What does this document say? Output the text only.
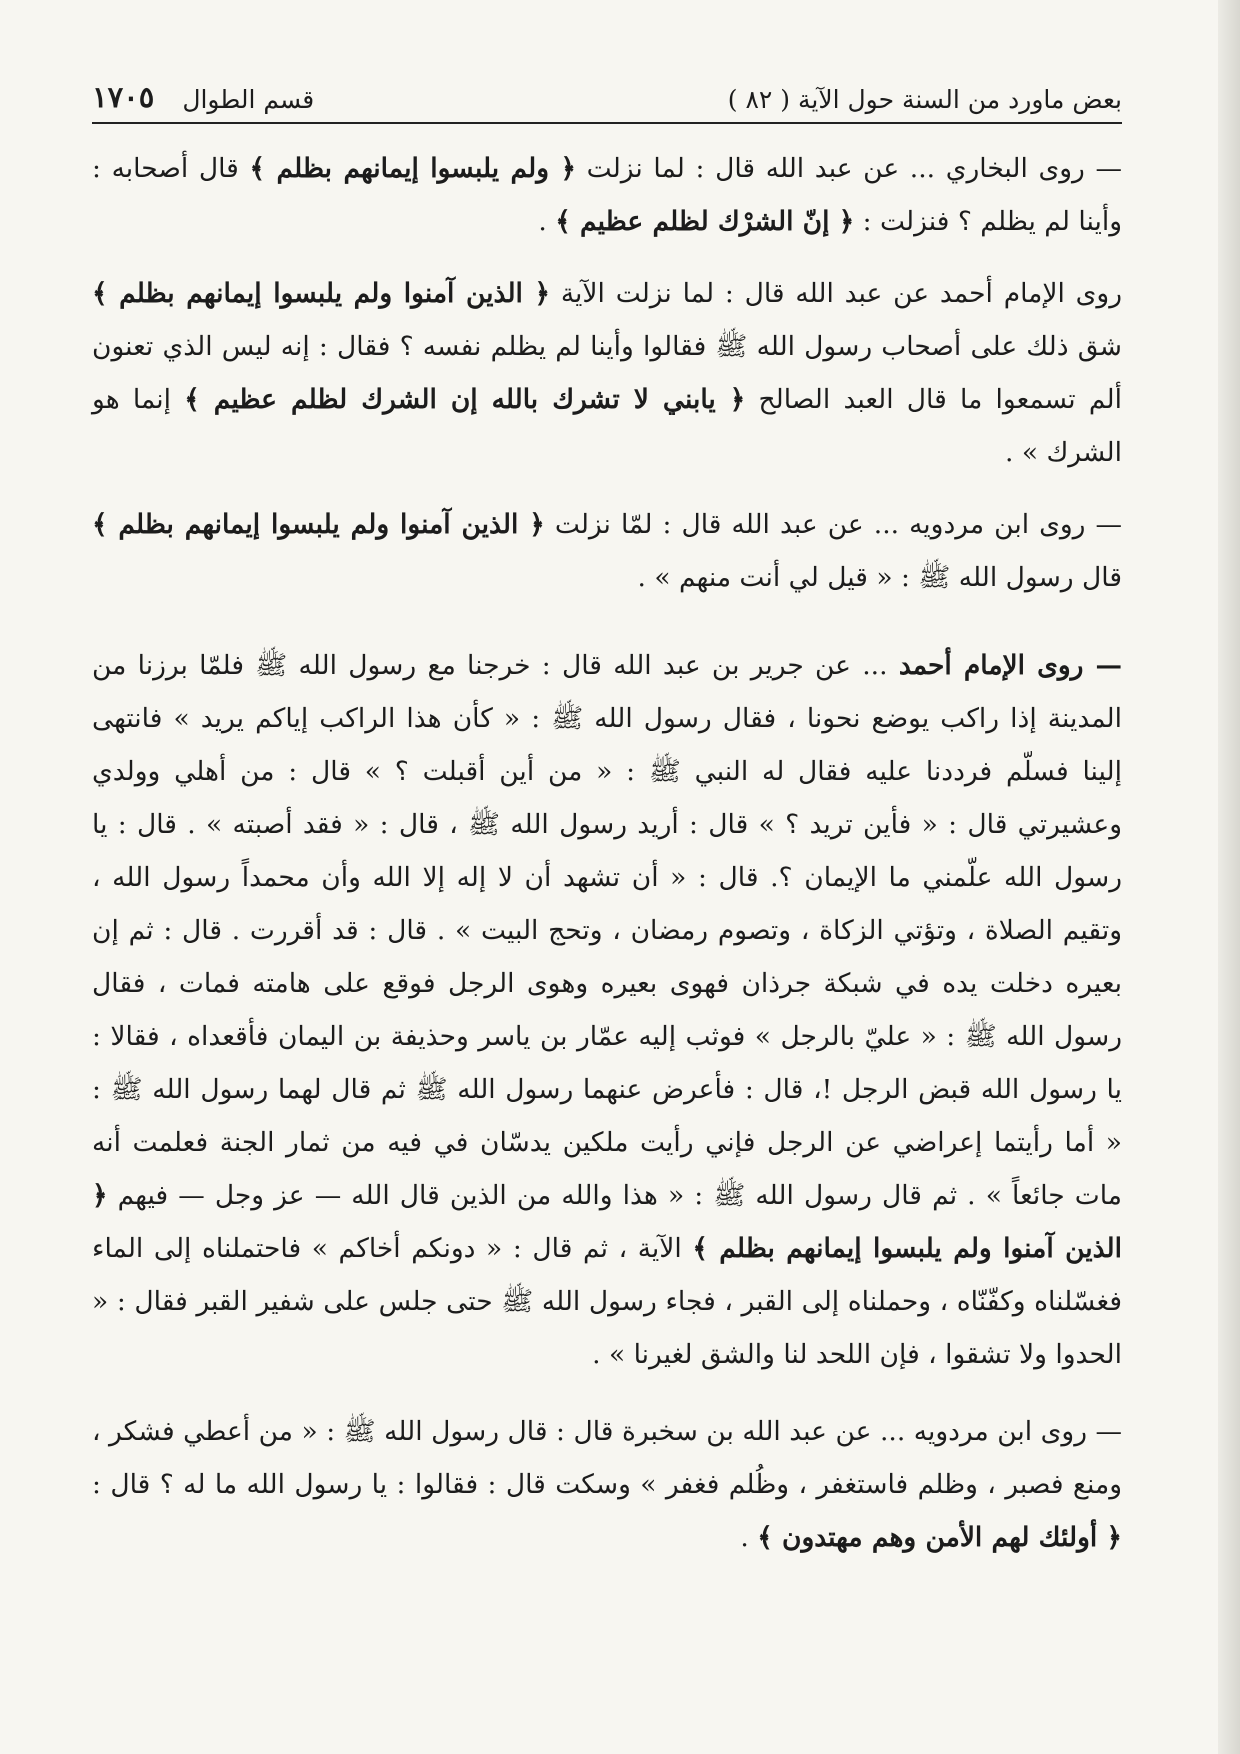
بعض ماورد من السنة حول الآية ( ٨٢ )
قسم الطوال
١٧٠٥

— روى البخاري ... عن عبد الله قال : لما نزلت ﴿ ولم يلبسوا إيمانهم بظلم ﴾ قال أصحابه : وأينا لم يظلم ؟ فنزلت : ﴿ إنّ الشرْك لظلم عظيم ﴾ .

روى الإمام أحمد عن عبد الله قال : لما نزلت الآية ﴿ الذين آمنوا ولم يلبسوا إيمانهم بظلم ﴾ شق ذلك على أصحاب رسول الله ﷺ فقالوا وأينا لم يظلم نفسه ؟ فقال : إنه ليس الذي تعنون ألم تسمعوا ما قال العبد الصالح ﴿ يابني لا تشرك بالله إن الشرك لظلم عظيم ﴾ إنما هو الشرك » .

— روى ابن مردويه ... عن عبد الله قال : لمّا نزلت ﴿ الذين آمنوا ولم يلبسوا إيمانهم بظلم ﴾ قال رسول الله ﷺ : « قيل لي أنت منهم » .

— روى الإمام أحمد ... عن جرير بن عبد الله قال : خرجنا مع رسول الله ﷺ فلمّا برزنا من المدينة إذا راكب يوضع نحونا ، فقال رسول الله ﷺ : « كأن هذا الراكب إياكم يريد » فانتهى إلينا فسلّم فرددنا عليه فقال له النبي ﷺ : « من أين أقبلت ؟ » قال : من أهلي وولدي وعشيرتي قال : « فأين تريد ؟ » قال : أريد رسول الله ﷺ ، قال : « فقد أصبته » . قال : يا رسول الله علّمني ما الإيمان ؟. قال : « أن تشهد أن لا إله إلا الله وأن محمداً رسول الله ، وتقيم الصلاة ، وتؤتي الزكاة ، وتصوم رمضان ، وتحج البيت » . قال : قد أقررت . قال : ثم إن بعيره دخلت يده في شبكة جرذان فهوى بعيره وهوى الرجل فوقع على هامته فمات ، فقال رسول الله ﷺ : « عليّ بالرجل » فوثب إليه عمّار بن ياسر وحذيفة بن اليمان فأقعداه ، فقالا : يا رسول الله قبض الرجل !، قال : فأعرض عنهما رسول الله ﷺ ثم قال لهما رسول الله ﷺ : « أما رأيتما إعراضي عن الرجل فإني رأيت ملكين يدسّان في فيه من ثمار الجنة فعلمت أنه مات جائعاً » . ثم قال رسول الله ﷺ : « هذا والله من الذين قال الله — عز وجل — فيهم ﴿ الذين آمنوا ولم يلبسوا إيمانهم بظلم ﴾ الآية ، ثم قال : « دونكم أخاكم » فاحتملناه إلى الماء فغسّلناه وكفّنّاه ، وحملناه إلى القبر ، فجاء رسول الله ﷺ حتى جلس على شفير القبر فقال : « الحدوا ولا تشقوا ، فإن اللحد لنا والشق لغيرنا » .

— روى ابن مردويه ... عن عبد الله بن سخبرة قال : قال رسول الله ﷺ : « من أعطي فشكر ، ومنع فصبر ، وظلم فاستغفر ، وظُلم فغفر » وسكت قال : فقالوا : يا رسول الله ما له ؟ قال : ﴿ أولئك لهم الأمن وهم مهتدون ﴾ .
